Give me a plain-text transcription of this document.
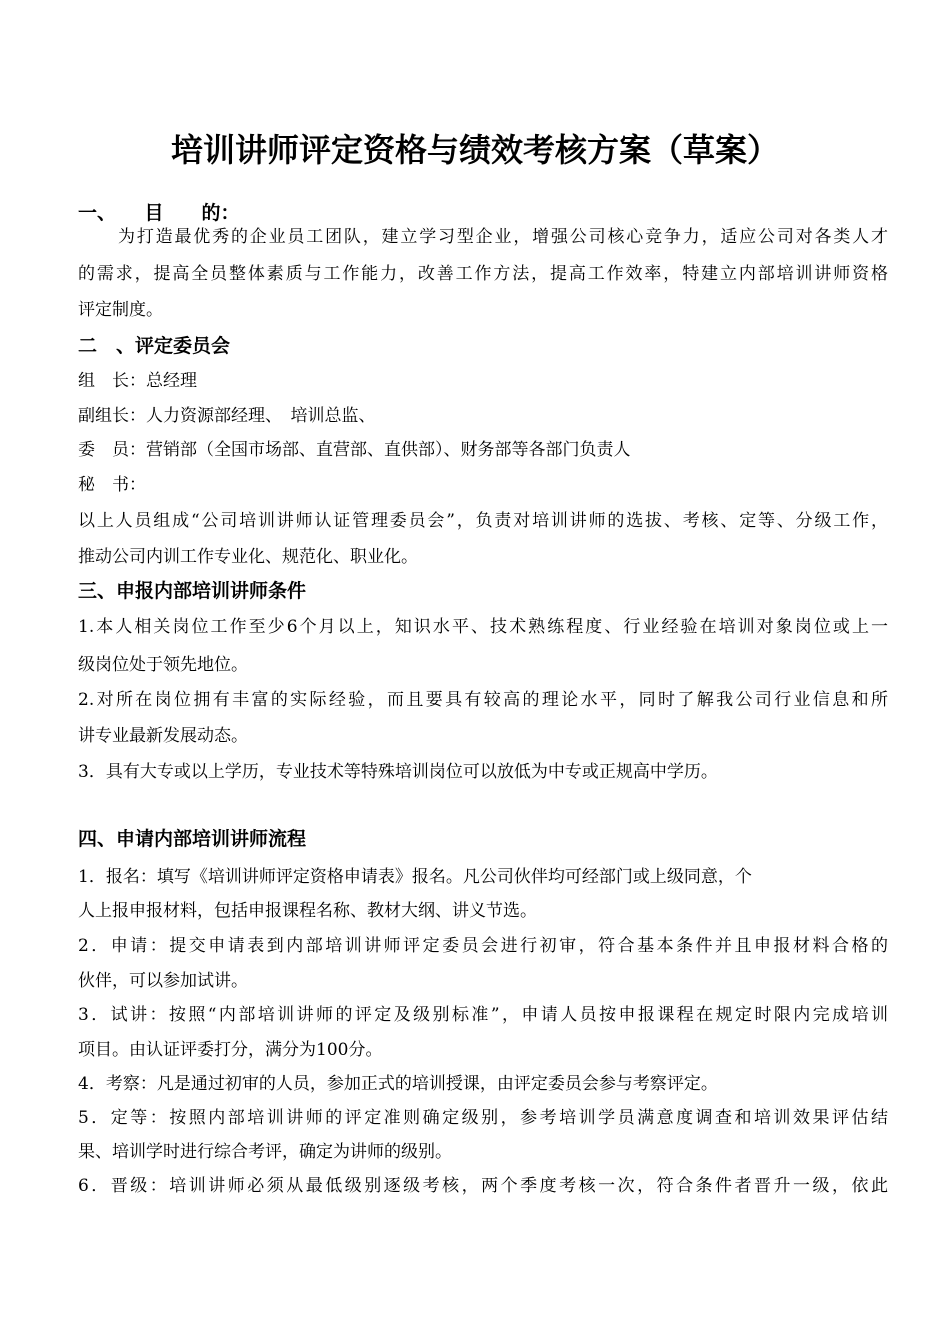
培训讲师评定资格与绩效考核方案（草案）
一、　　目　　的：
为打造最优秀的企业员工团队，建立学习型企业，增强公司核心竞争力，适应公司对各类人才
的需求，提高全员整体素质与工作能力，改善工作方法，提高工作效率，特建立内部培训讲师资格
评定制度。
二　、评定委员会
组　长：总经理
副组长：人力资源部经理、　培训总监、
委　员：营销部（全国市场部、直营部、直供部）、财务部等各部门负责人
秘　书：
以上人员组成“公司培训讲师认证管理委员会”，负责对培训讲师的选拔、考核、定等、分级工作，
推动公司内训工作专业化、规范化、职业化。
三、申报内部培训讲师条件
1.本人相关岗位工作至少6个月以上，知识水平、技术熟练程度、行业经验在培训对象岗位或上一
级岗位处于领先地位。
2.对所在岗位拥有丰富的实际经验，而且要具有较高的理论水平，同时了解我公司行业信息和所
讲专业最新发展动态。
3．具有大专或以上学历，专业技术等特殊培训岗位可以放低为中专或正规高中学历。
四、申请内部培训讲师流程
1．报名：填写《培训讲师评定资格申请表》报名。凡公司伙伴均可经部门或上级同意，个
人上报申报材料，包括申报课程名称、教材大纲、讲义节选。
2．申请：提交申请表到内部培训讲师评定委员会进行初审，符合基本条件并且申报材料合格的
伙伴，可以参加试讲。
3．试讲：按照“内部培训讲师的评定及级别标准”，申请人员按申报课程在规定时限内完成培训
项目。由认证评委打分，满分为100分。
4．考察：凡是通过初审的人员，参加正式的培训授课，由评定委员会参与考察评定。
5．定等：按照内部培训讲师的评定准则确定级别，参考培训学员满意度调查和培训效果评估结
果、培训学时进行综合考评，确定为讲师的级别。
6．晋级：培训讲师必须从最低级别逐级考核，两个季度考核一次，符合条件者晋升一级，依此
